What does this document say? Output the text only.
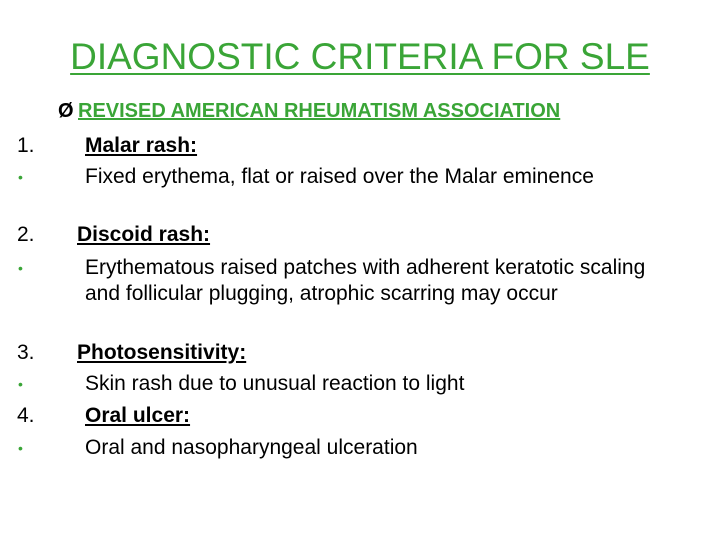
DIAGNOSTIC CRITERIA FOR SLE
Ø REVISED AMERICAN RHEUMATISM ASSOCIATION
1.	Malar rash:
•	Fixed erythema, flat or raised over the Malar eminence
2.	Discoid rash:
•	Erythematous raised patches with adherent keratotic scaling and follicular plugging, atrophic scarring may occur
3.	Photosensitivity:
•	Skin rash due to unusual reaction to light
4.	Oral ulcer:
•	Oral and nasopharyngeal ulceration
